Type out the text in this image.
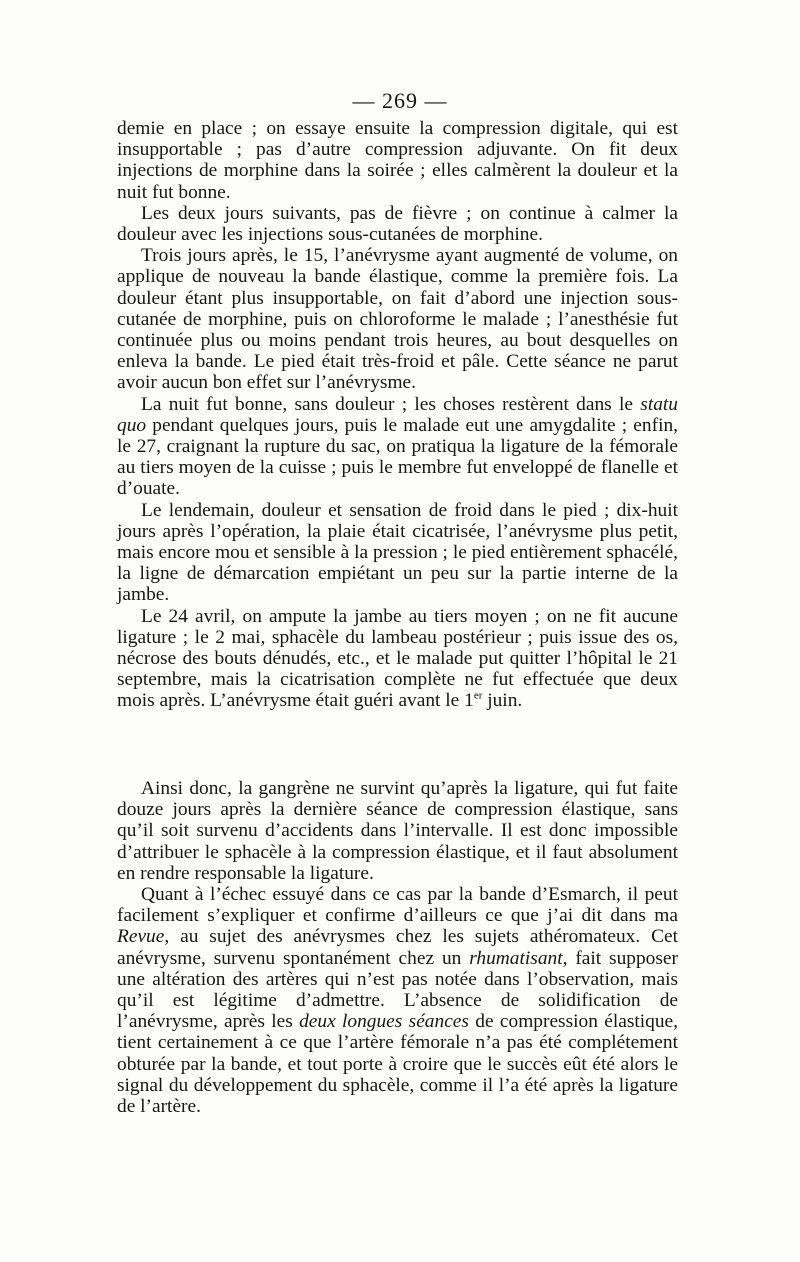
— 269 —

demie en place ; on essaye ensuite la compression digitale, qui est insupportable ; pas d’autre compression adjuvante. On fit deux injections de morphine dans la soirée ; elles calmèrent la douleur et la nuit fut bonne.

Les deux jours suivants, pas de fièvre ; on continue à calmer la douleur avec les injections sous-cutanées de morphine.

Trois jours après, le 15, l’anévrysme ayant augmenté de volume, on applique de nouveau la bande élastique, comme la première fois. La douleur étant plus insupportable, on fait d’abord une injection sous-cutanée de morphine, puis on chloroforme le malade ; l’anesthésie fut continuée plus ou moins pendant trois heures, au bout desquelles on enleva la bande. Le pied était très-froid et pâle. Cette séance ne parut avoir aucun bon effet sur l’anévrysme.

La nuit fut bonne, sans douleur ; les choses restèrent dans le statu quo pendant quelques jours, puis le malade eut une amygdalite ; enfin, le 27, craignant la rupture du sac, on pratiqua la ligature de la fémorale au tiers moyen de la cuisse ; puis le membre fut enveloppé de flanelle et d’ouate.

Le lendemain, douleur et sensation de froid dans le pied ; dix-huit jours après l’opération, la plaie était cicatrisée, l’anévrysme plus petit, mais encore mou et sensible à la pression ; le pied entièrement sphacélé, la ligne de démarcation empiétant un peu sur la partie interne de la jambe.

Le 24 avril, on ampute la jambe au tiers moyen ; on ne fit aucune ligature ; le 2 mai, sphacèle du lambeau postérieur ; puis issue des os, nécrose des bouts dénudés, etc., et le malade put quitter l’hôpital le 21 septembre, mais la cicatrisation complète ne fut effectuée que deux mois après. L’anévrysme était guéri avant le 1er juin.

Ainsi donc, la gangrène ne survint qu’après la ligature, qui fut faite douze jours après la dernière séance de compression élastique, sans qu’il soit survenu d’accidents dans l’intervalle. Il est donc impossible d’attribuer le sphacèle à la compression élastique, et il faut absolument en rendre responsable la ligature.

Quant à l’échec essuyé dans ce cas par la bande d’Esmarch, il peut facilement s’expliquer et confirme d’ailleurs ce que j’ai dit dans ma Revue, au sujet des anévrysmes chez les sujets athéromateux. Cet anévrysme, survenu spontanément chez un rhumatisant, fait supposer une altération des artères qui n’est pas notée dans l’observation, mais qu’il est légitime d’admettre. L’absence de solidification de l’anévrysme, après les deux longues séances de compression élastique, tient certainement à ce que l’artère fémorale n’a pas été complétement obturée par la bande, et tout porte à croire que le succès eût été alors le signal du développement du sphacèle, comme il l’a été après la ligature de l’artère.
